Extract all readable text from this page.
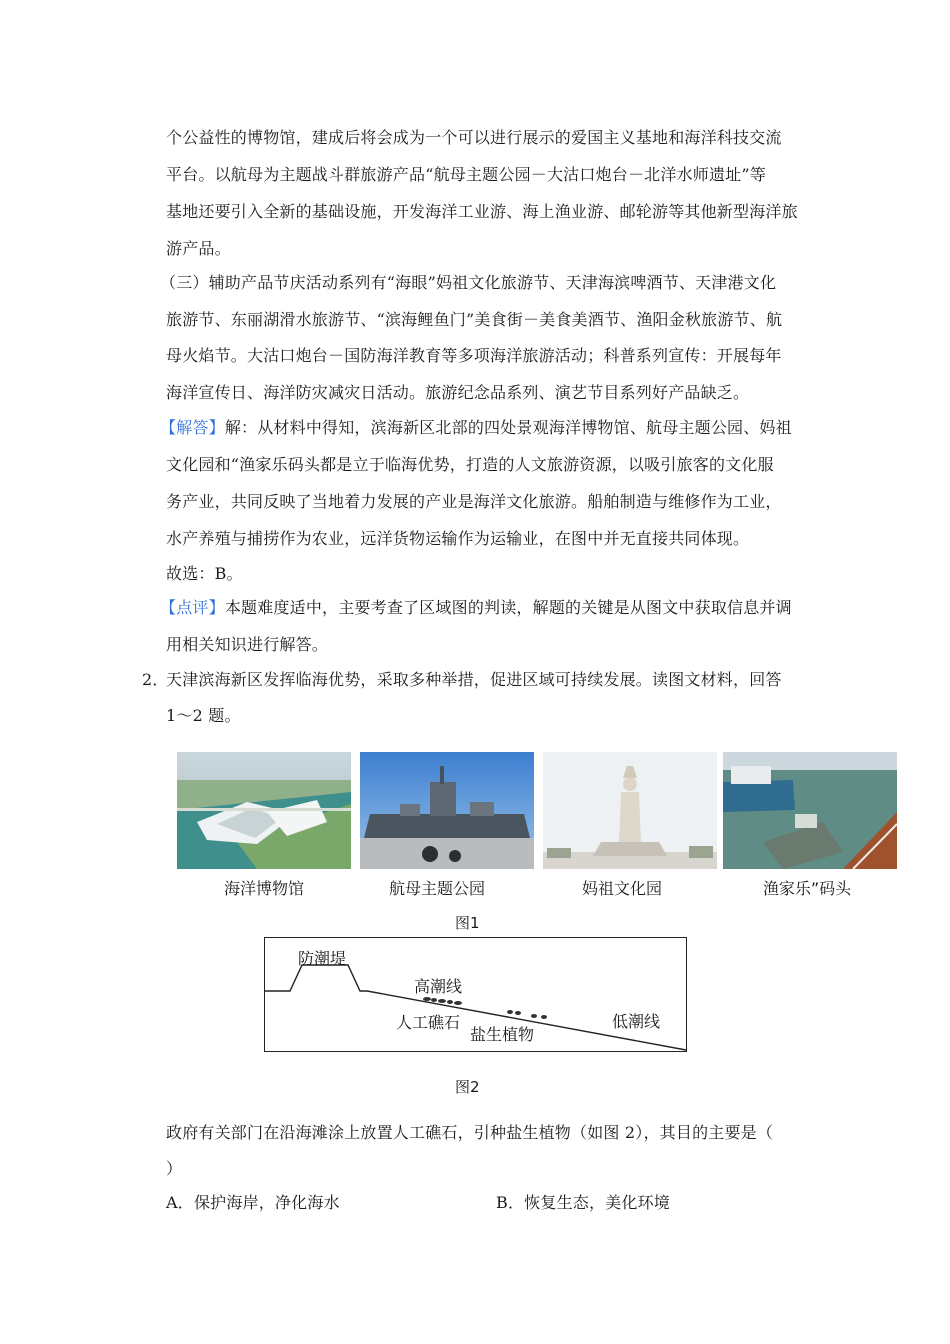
个公益性的博物馆，建成后将会成为一个可以进行展示的爱国主义基地和海洋科技交流
平台。以航母为主题战斗群旅游产品“航母主题公园－大沽口炮台－北洋水师遗址”等
基地还要引入全新的基础设施，开发海洋工业游、海上渔业游、邮轮游等其他新型海洋旅
游产品。
（三）辅助产品节庆活动系列有“海眼”妈祖文化旅游节、天津海滨啤酒节、天津港文化
旅游节、东丽湖滑水旅游节、“滨海鲤鱼门”美食街－美食美酒节、渔阳金秋旅游节、航
母火焰节。大沽口炮台－国防海洋教育等多项海洋旅游活动；科普系列宣传：开展每年
海洋宣传日、海洋防灾减灾日活动。旅游纪念品系列、演艺节目系列好产品缺乏。
【解答】解：从材料中得知，滨海新区北部的四处景观海洋博物馆、航母主题公园、妈祖
文化园和“渔家乐码头都是立于临海优势，打造的人文旅游资源，以吸引旅客的文化服
务产业，共同反映了当地着力发展的产业是海洋文化旅游。船舶制造与维修作为工业，
水产养殖与捕捞作为农业，远洋货物运输作为运输业，在图中并无直接共同体现。
故选：B。
【点评】本题难度适中，主要考查了区域图的判读，解题的关键是从图文中获取信息并调
用相关知识进行解答。
2．
天津滨海新区发挥临海优势，采取多种举措，促进区域可持续发展。读图文材料，回答
1～2 题。
海洋博物馆	航母主题公园	妈祖文化园	渔家乐”码头
图1
防潮堤
高潮线
人工礁石
盐生植物
低潮线
图2
政府有关部门在沿海滩涂上放置人工礁石，引种盐生植物（如图 2），其目的主要是（
）
A．保护海岸，净化海水	B．恢复生态，美化环境
